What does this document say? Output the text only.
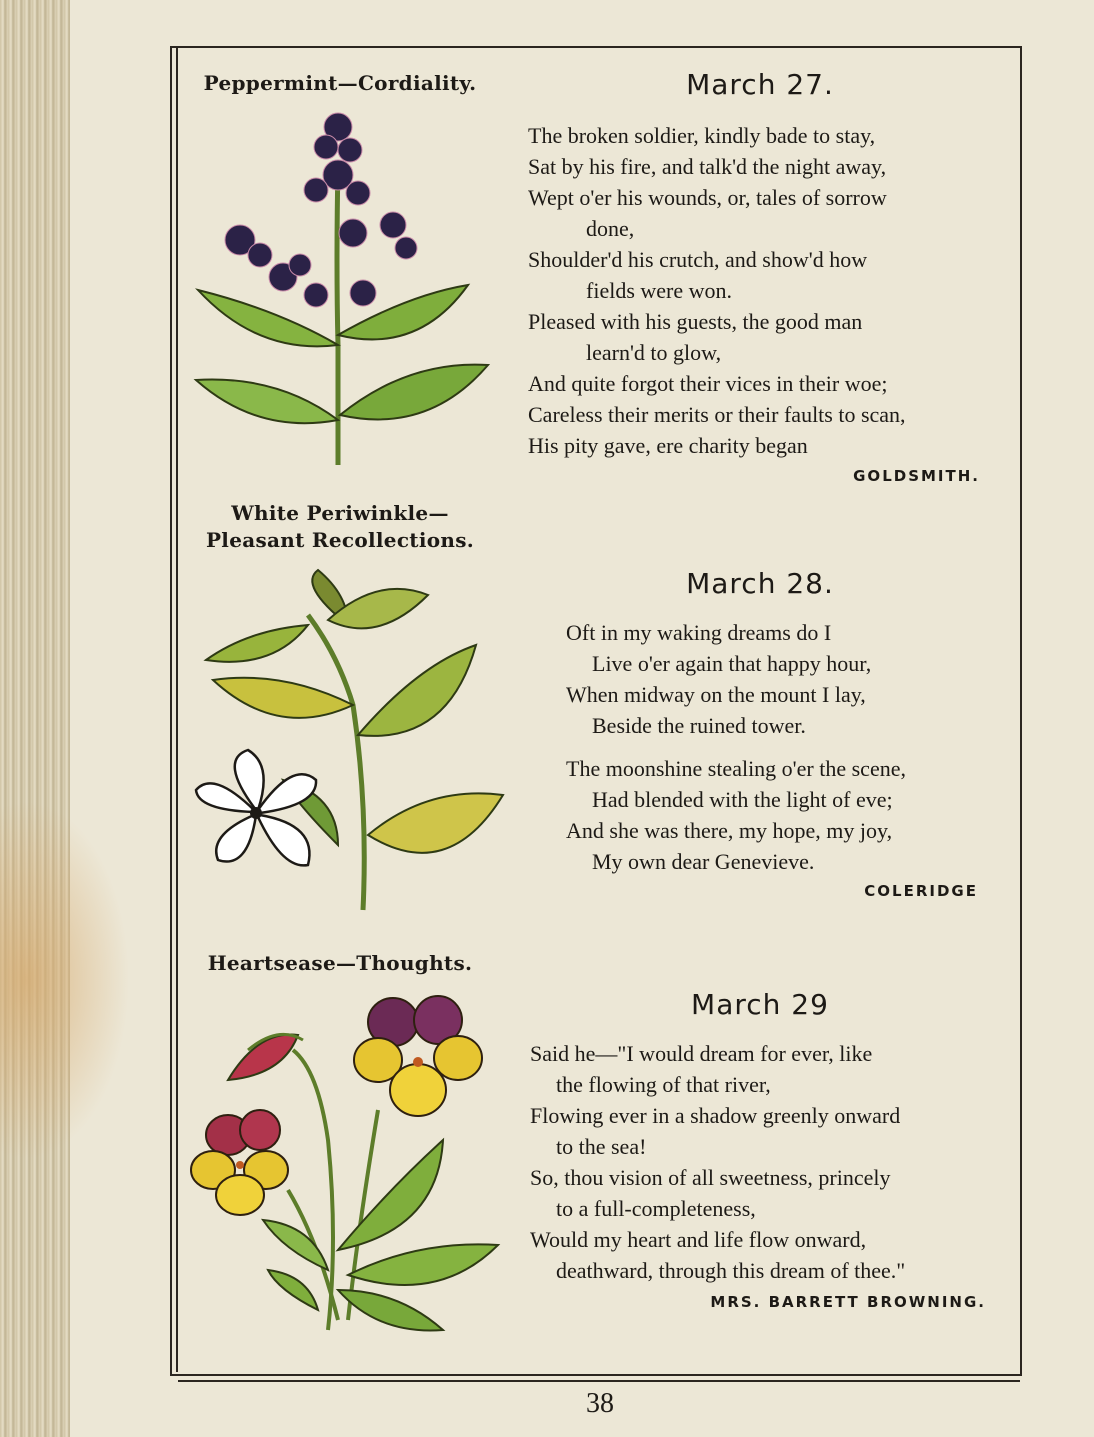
Peppermint—Cordiality.	March 27.
The broken soldier, kindly bade to stay,
Sat by his fire, and talk'd the night away,
Wept o'er his wounds, or, tales of sorrow
done,
Shoulder'd his crutch, and show'd how
fields were won.
Pleased with his guests, the good man
learn'd to glow,
And quite forgot their vices in their woe;
Careless their merits or their faults to scan,
His pity gave, ere charity began
GOLDSMITH.
White Periwinkle—
Pleasant Recollections.
March 28.
Oft in my waking dreams do I
Live o'er again that happy hour,
When midway on the mount I lay,
Beside the ruined tower.
The moonshine stealing o'er the scene,
Had blended with the light of eve;
And she was there, my hope, my joy,
My own dear Genevieve.
COLERIDGE
Heartsease—Thoughts.
March 29
Said he—"I would dream for ever, like
the flowing of that river,
Flowing ever in a shadow greenly onward
to the sea!
So, thou vision of all sweetness, princely
to a full-completeness,
Would my heart and life flow onward,
deathward, through this dream of thee."
MRS. BARRETT BROWNING.
38
